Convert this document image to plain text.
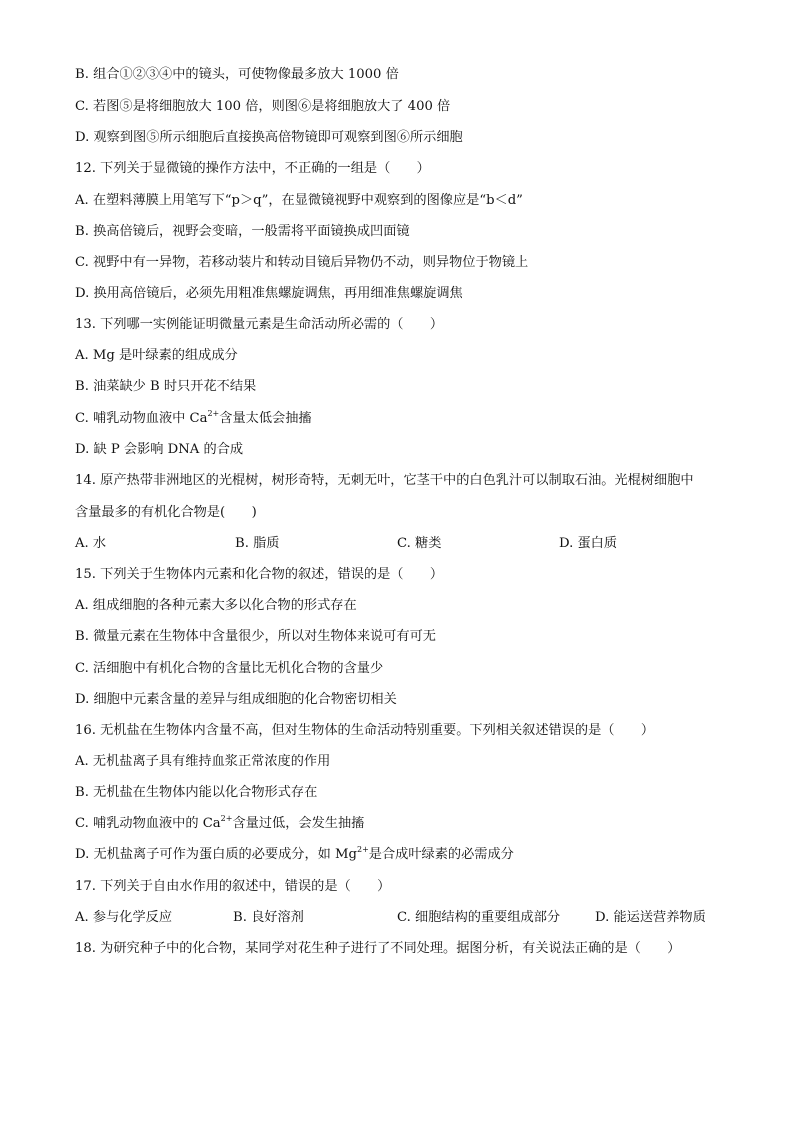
B. 组合①②③④中的镜头，可使物像最多放大 1000 倍
C. 若图⑤是将细胞放大 100 倍，则图⑥是将细胞放大了 400 倍
D. 观察到图⑤所示细胞后直接换高倍物镜即可观察到图⑥所示细胞
12. 下列关于显微镜的操作方法中，不正确的一组是（　　）
A. 在塑料薄膜上用笔写下“p＞q”，在显微镜视野中观察到的图像应是“b＜d”
B. 换高倍镜后，视野会变暗，一般需将平面镜换成凹面镜
C. 视野中有一异物，若移动装片和转动目镜后异物仍不动，则异物位于物镜上
D. 换用高倍镜后，必须先用粗准焦螺旋调焦，再用细准焦螺旋调焦
13. 下列哪一实例能证明微量元素是生命活动所必需的（　　）
A. Mg 是叶绿素的组成成分
B. 油菜缺少 B 时只开花不结果
C. 哺乳动物血液中 $Ca^{2+}$含量太低会抽搐
D. 缺 P 会影响 DNA 的合成
14. 原产热带非洲地区的光棍树，树形奇特，无刺无叶，它茎干中的白色乳汁可以制取石油。光棍树细胞中
含量最多的有机化合物是(　　)
A. 水	B. 脂质	C. 糖类	D. 蛋白质
15. 下列关于生物体内元素和化合物的叙述，错误的是（　　）
A. 组成细胞的各种元素大多以化合物的形式存在
B. 微量元素在生物体中含量很少，所以对生物体来说可有可无
C. 活细胞中有机化合物的含量比无机化合物的含量少
D. 细胞中元素含量的差异与组成细胞的化合物密切相关
16. 无机盐在生物体内含量不高，但对生物体的生命活动特别重要。下列相关叙述错误的是（　　）
A. 无机盐离子具有维持血浆正常浓度的作用
B. 无机盐在生物体内能以化合物形式存在
C. 哺乳动物血液中的 $Ca^{2+}$含量过低，会发生抽搐
D. 无机盐离子可作为蛋白质的必要成分，如 $Mg^{2+}$是合成叶绿素的必需成分
17. 下列关于自由水作用的叙述中，错误的是（　　）
A. 参与化学反应	B. 良好溶剂	C. 细胞结构的重要组成部分	D. 能运送营养物质
18. 为研究种子中的化合物，某同学对花生种子进行了不同处理。据图分析，有关说法正确的是（　　）
